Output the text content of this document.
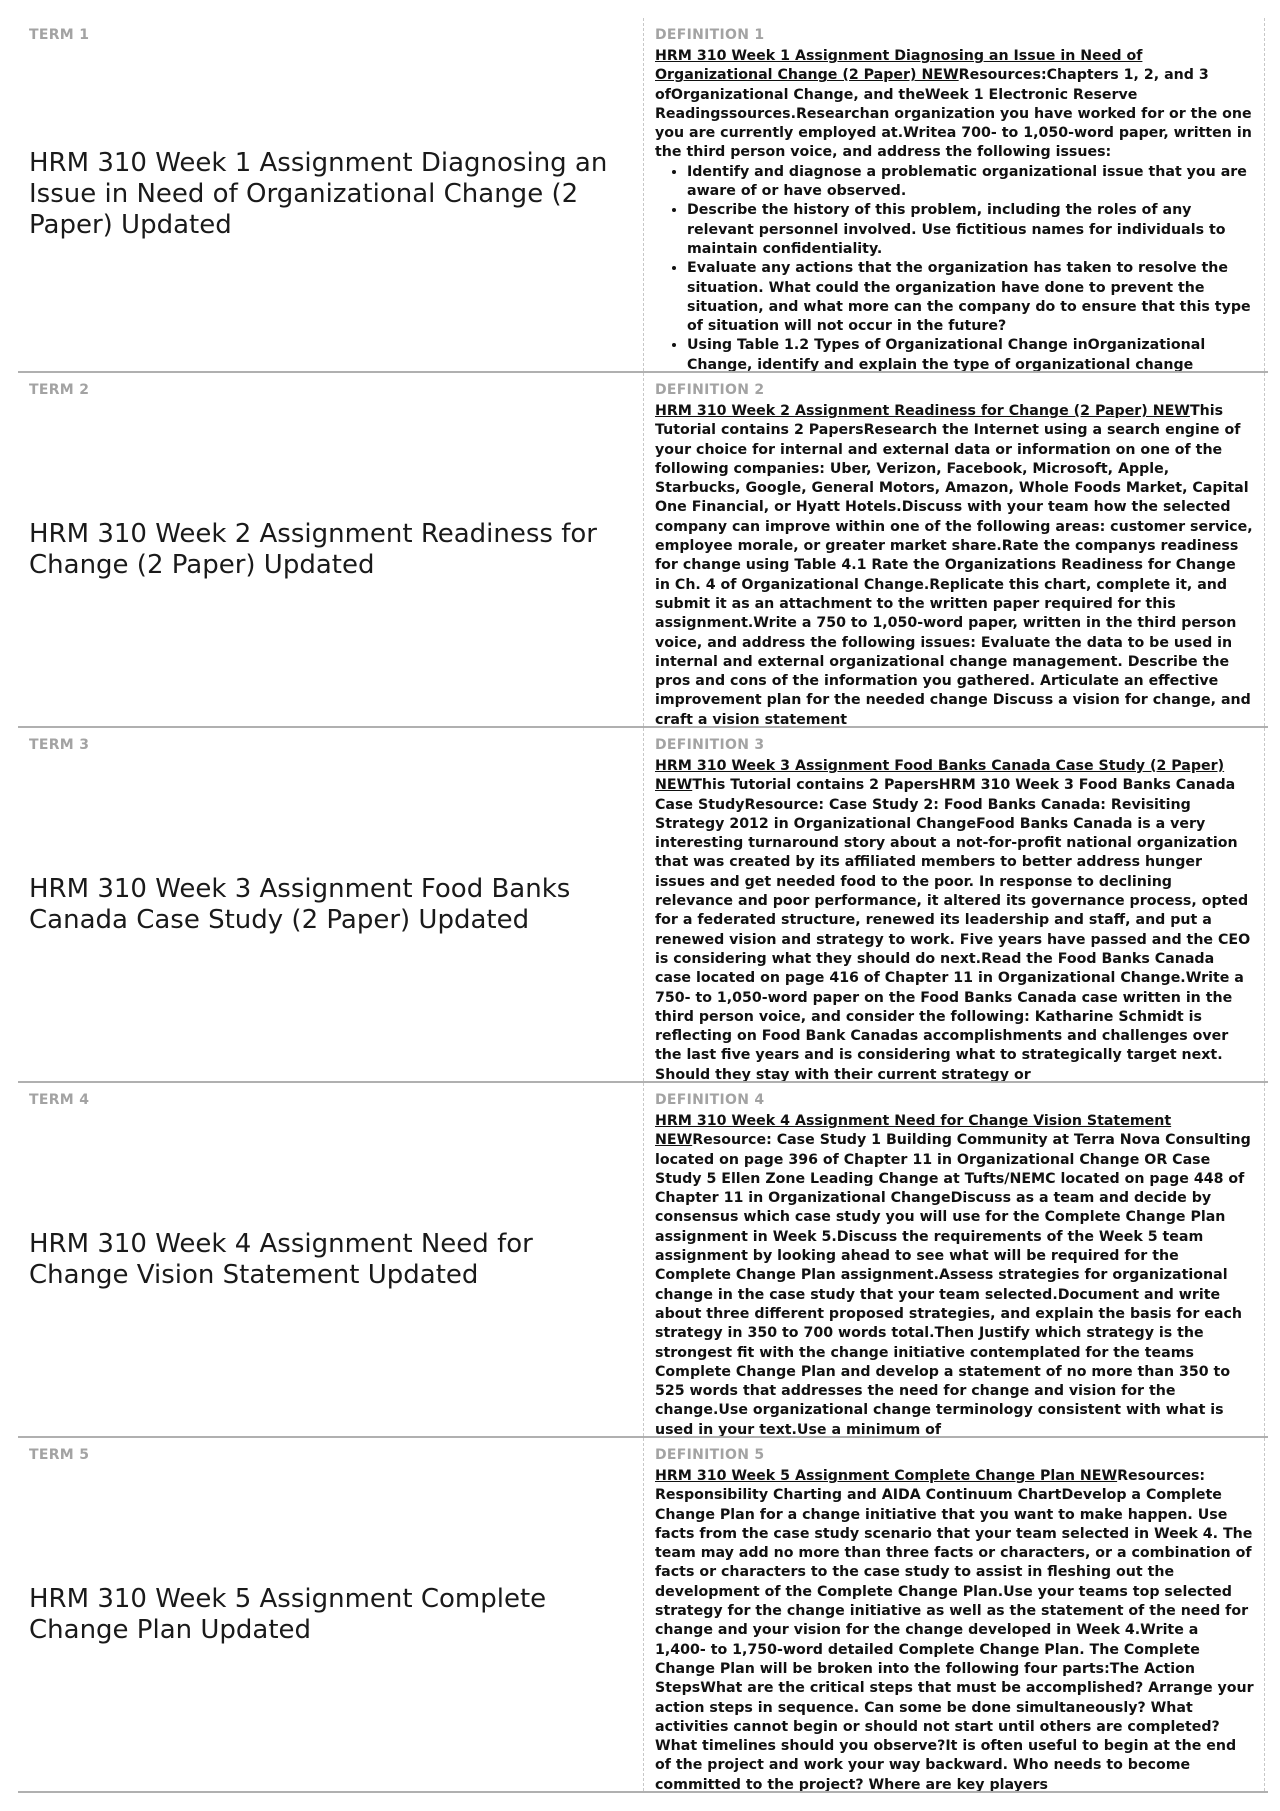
TERM 1
HRM 310 Week 1 Assignment Diagnosing an Issue in Need of Organizational Change (2 Paper) Updated
DEFINITION 1
HRM 310 Week 1 Assignment Diagnosing an Issue in Need of Organizational Change (2 Paper) NEWResources:Chapters 1, 2, and 3 ofOrganizational Change, and theWeek 1 Electronic Reserve Readingssources.Researchan organization you have worked for or the one you are currently employed at.Writea 700- to 1,050-word paper, written in the third person voice, and address the following issues:
• Identify and diagnose a problematic organizational issue that you are aware of or have observed.
• Describe the history of this problem, including the roles of any relevant personnel involved. Use fictitious names for individuals to maintain confidentiality.
• Evaluate any actions that the organization has taken to resolve the situation. What could the organization have done to prevent the situation, and what more can the company do to ensure that this type of situation will not occur in the future?
• Using Table 1.2 Types of Organizational Change inOrganizational Change, identify and explain the type of organizational change
TERM 2
HRM 310 Week 2 Assignment Readiness for Change (2 Paper) Updated
DEFINITION 2
HRM 310 Week 2 Assignment Readiness for Change (2 Paper) NEWThis Tutorial contains 2 PapersResearch the Internet using a search engine of your choice for internal and external data or information on one of the following companies: Uber, Verizon, Facebook, Microsoft, Apple, Starbucks, Google, General Motors, Amazon, Whole Foods Market, Capital One Financial, or Hyatt Hotels.Discuss with your team how the selected company can improve within one of the following areas: customer service, employee morale, or greater market share.Rate the companys readiness for change using Table 4.1 Rate the Organizations Readiness for Change in Ch. 4 of Organizational Change.Replicate this chart, complete it, and submit it as an attachment to the written paper required for this assignment.Write a 750 to 1,050-word paper, written in the third person voice, and address the following issues: Evaluate the data to be used in internal and external organizational change management. Describe the pros and cons of the information you gathered. Articulate an effective improvement plan for the needed change Discuss a vision for change, and craft a vision statement
TERM 3
HRM 310 Week 3 Assignment Food Banks Canada Case Study (2 Paper) Updated
DEFINITION 3
HRM 310 Week 3 Assignment Food Banks Canada Case Study (2 Paper) NEWThis Tutorial contains 2 PapersHRM 310 Week 3 Food Banks Canada Case StudyResource: Case Study 2: Food Banks Canada: Revisiting Strategy 2012 in Organizational ChangeFood Banks Canada is a very interesting turnaround story about a not-for-profit national organization that was created by its affiliated members to better address hunger issues and get needed food to the poor. In response to declining relevance and poor performance, it altered its governance process, opted for a federated structure, renewed its leadership and staff, and put a renewed vision and strategy to work. Five years have passed and the CEO is considering what they should do next.Read the Food Banks Canada case located on page 416 of Chapter 11 in Organizational Change.Write a 750- to 1,050-word paper on the Food Banks Canada case written in the third person voice, and consider the following: Katharine Schmidt is reflecting on Food Bank Canadas accomplishments and challenges over the last five years and is considering what to strategically target next. Should they stay with their current strategy or
TERM 4
HRM 310 Week 4 Assignment Need for Change Vision Statement Updated
DEFINITION 4
HRM 310 Week 4 Assignment Need for Change Vision Statement NEWResource: Case Study 1 Building Community at Terra Nova Consulting located on page 396 of Chapter 11 in Organizational Change OR Case Study 5 Ellen Zone Leading Change at Tufts/NEMC located on page 448 of Chapter 11 in Organizational ChangeDiscuss as a team and decide by consensus which case study you will use for the Complete Change Plan assignment in Week 5.Discuss the requirements of the Week 5 team assignment by looking ahead to see what will be required for the Complete Change Plan assignment.Assess strategies for organizational change in the case study that your team selected.Document and write about three different proposed strategies, and explain the basis for each strategy in 350 to 700 words total.Then Justify which strategy is the strongest fit with the change initiative contemplated for the teams Complete Change Plan and develop a statement of no more than 350 to 525 words that addresses the need for change and vision for the change.Use organizational change terminology consistent with what is used in your text.Use a minimum of
TERM 5
HRM 310 Week 5 Assignment Complete Change Plan Updated
DEFINITION 5
HRM 310 Week 5 Assignment Complete Change Plan NEWResources: Responsibility Charting and AIDA Continuum ChartDevelop a Complete Change Plan for a change initiative that you want to make happen. Use facts from the case study scenario that your team selected in Week 4. The team may add no more than three facts or characters, or a combination of facts or characters to the case study to assist in fleshing out the development of the Complete Change Plan.Use your teams top selected strategy for the change initiative as well as the statement of the need for change and your vision for the change developed in Week 4.Write a 1,400- to 1,750-word detailed Complete Change Plan. The Complete Change Plan will be broken into the following four parts:The Action StepsWhat are the critical steps that must be accomplished? Arrange your action steps in sequence. Can some be done simultaneously? What activities cannot begin or should not start until others are completed? What timelines should you observe?It is often useful to begin at the end of the project and work your way backward. Who needs to become committed to the project? Where are key players
